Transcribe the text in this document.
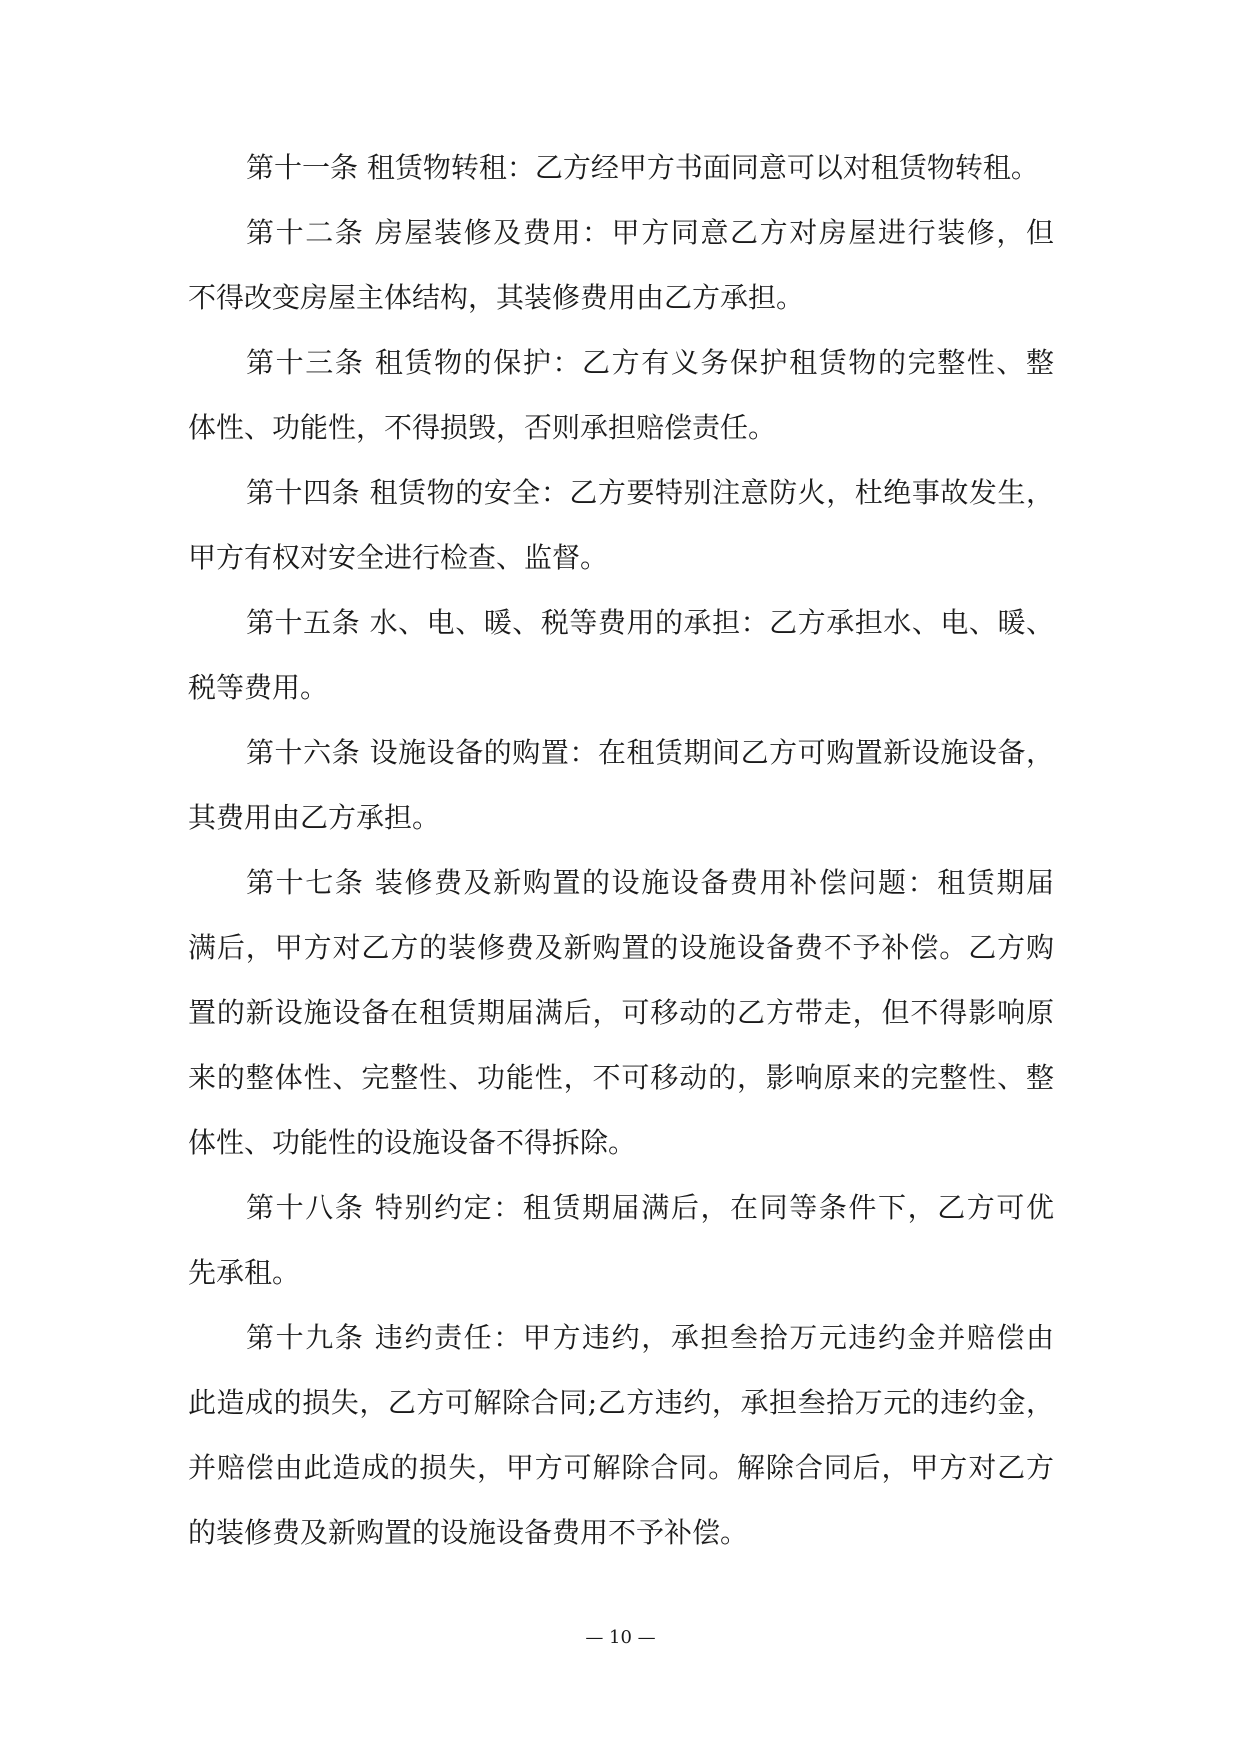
第十一条 租赁物转租：乙方经甲方书面同意可以对租赁物转租。
第十二条 房屋装修及费用：甲方同意乙方对房屋进行装修，但
不得改变房屋主体结构，其装修费用由乙方承担。
第十三条 租赁物的保护：乙方有义务保护租赁物的完整性、整
体性、功能性，不得损毁，否则承担赔偿责任。
第十四条 租赁物的安全：乙方要特别注意防火，杜绝事故发生，
甲方有权对安全进行检查、监督。
第十五条 水、电、暖、税等费用的承担：乙方承担水、电、暖、
税等费用。
第十六条 设施设备的购置：在租赁期间乙方可购置新设施设备，
其费用由乙方承担。
第十七条 装修费及新购置的设施设备费用补偿问题：租赁期届
满后，甲方对乙方的装修费及新购置的设施设备费不予补偿。乙方购
置的新设施设备在租赁期届满后，可移动的乙方带走，但不得影响原
来的整体性、完整性、功能性，不可移动的，影响原来的完整性、整
体性、功能性的设施设备不得拆除。
第十八条 特别约定：租赁期届满后，在同等条件下，乙方可优
先承租。
第十九条 违约责任：甲方违约，承担叁拾万元违约金并赔偿由
此造成的损失，乙方可解除合同;乙方违约，承担叁拾万元的违约金，
并赔偿由此造成的损失，甲方可解除合同。解除合同后，甲方对乙方
的装修费及新购置的设施设备费用不予补偿。
— 10 —
